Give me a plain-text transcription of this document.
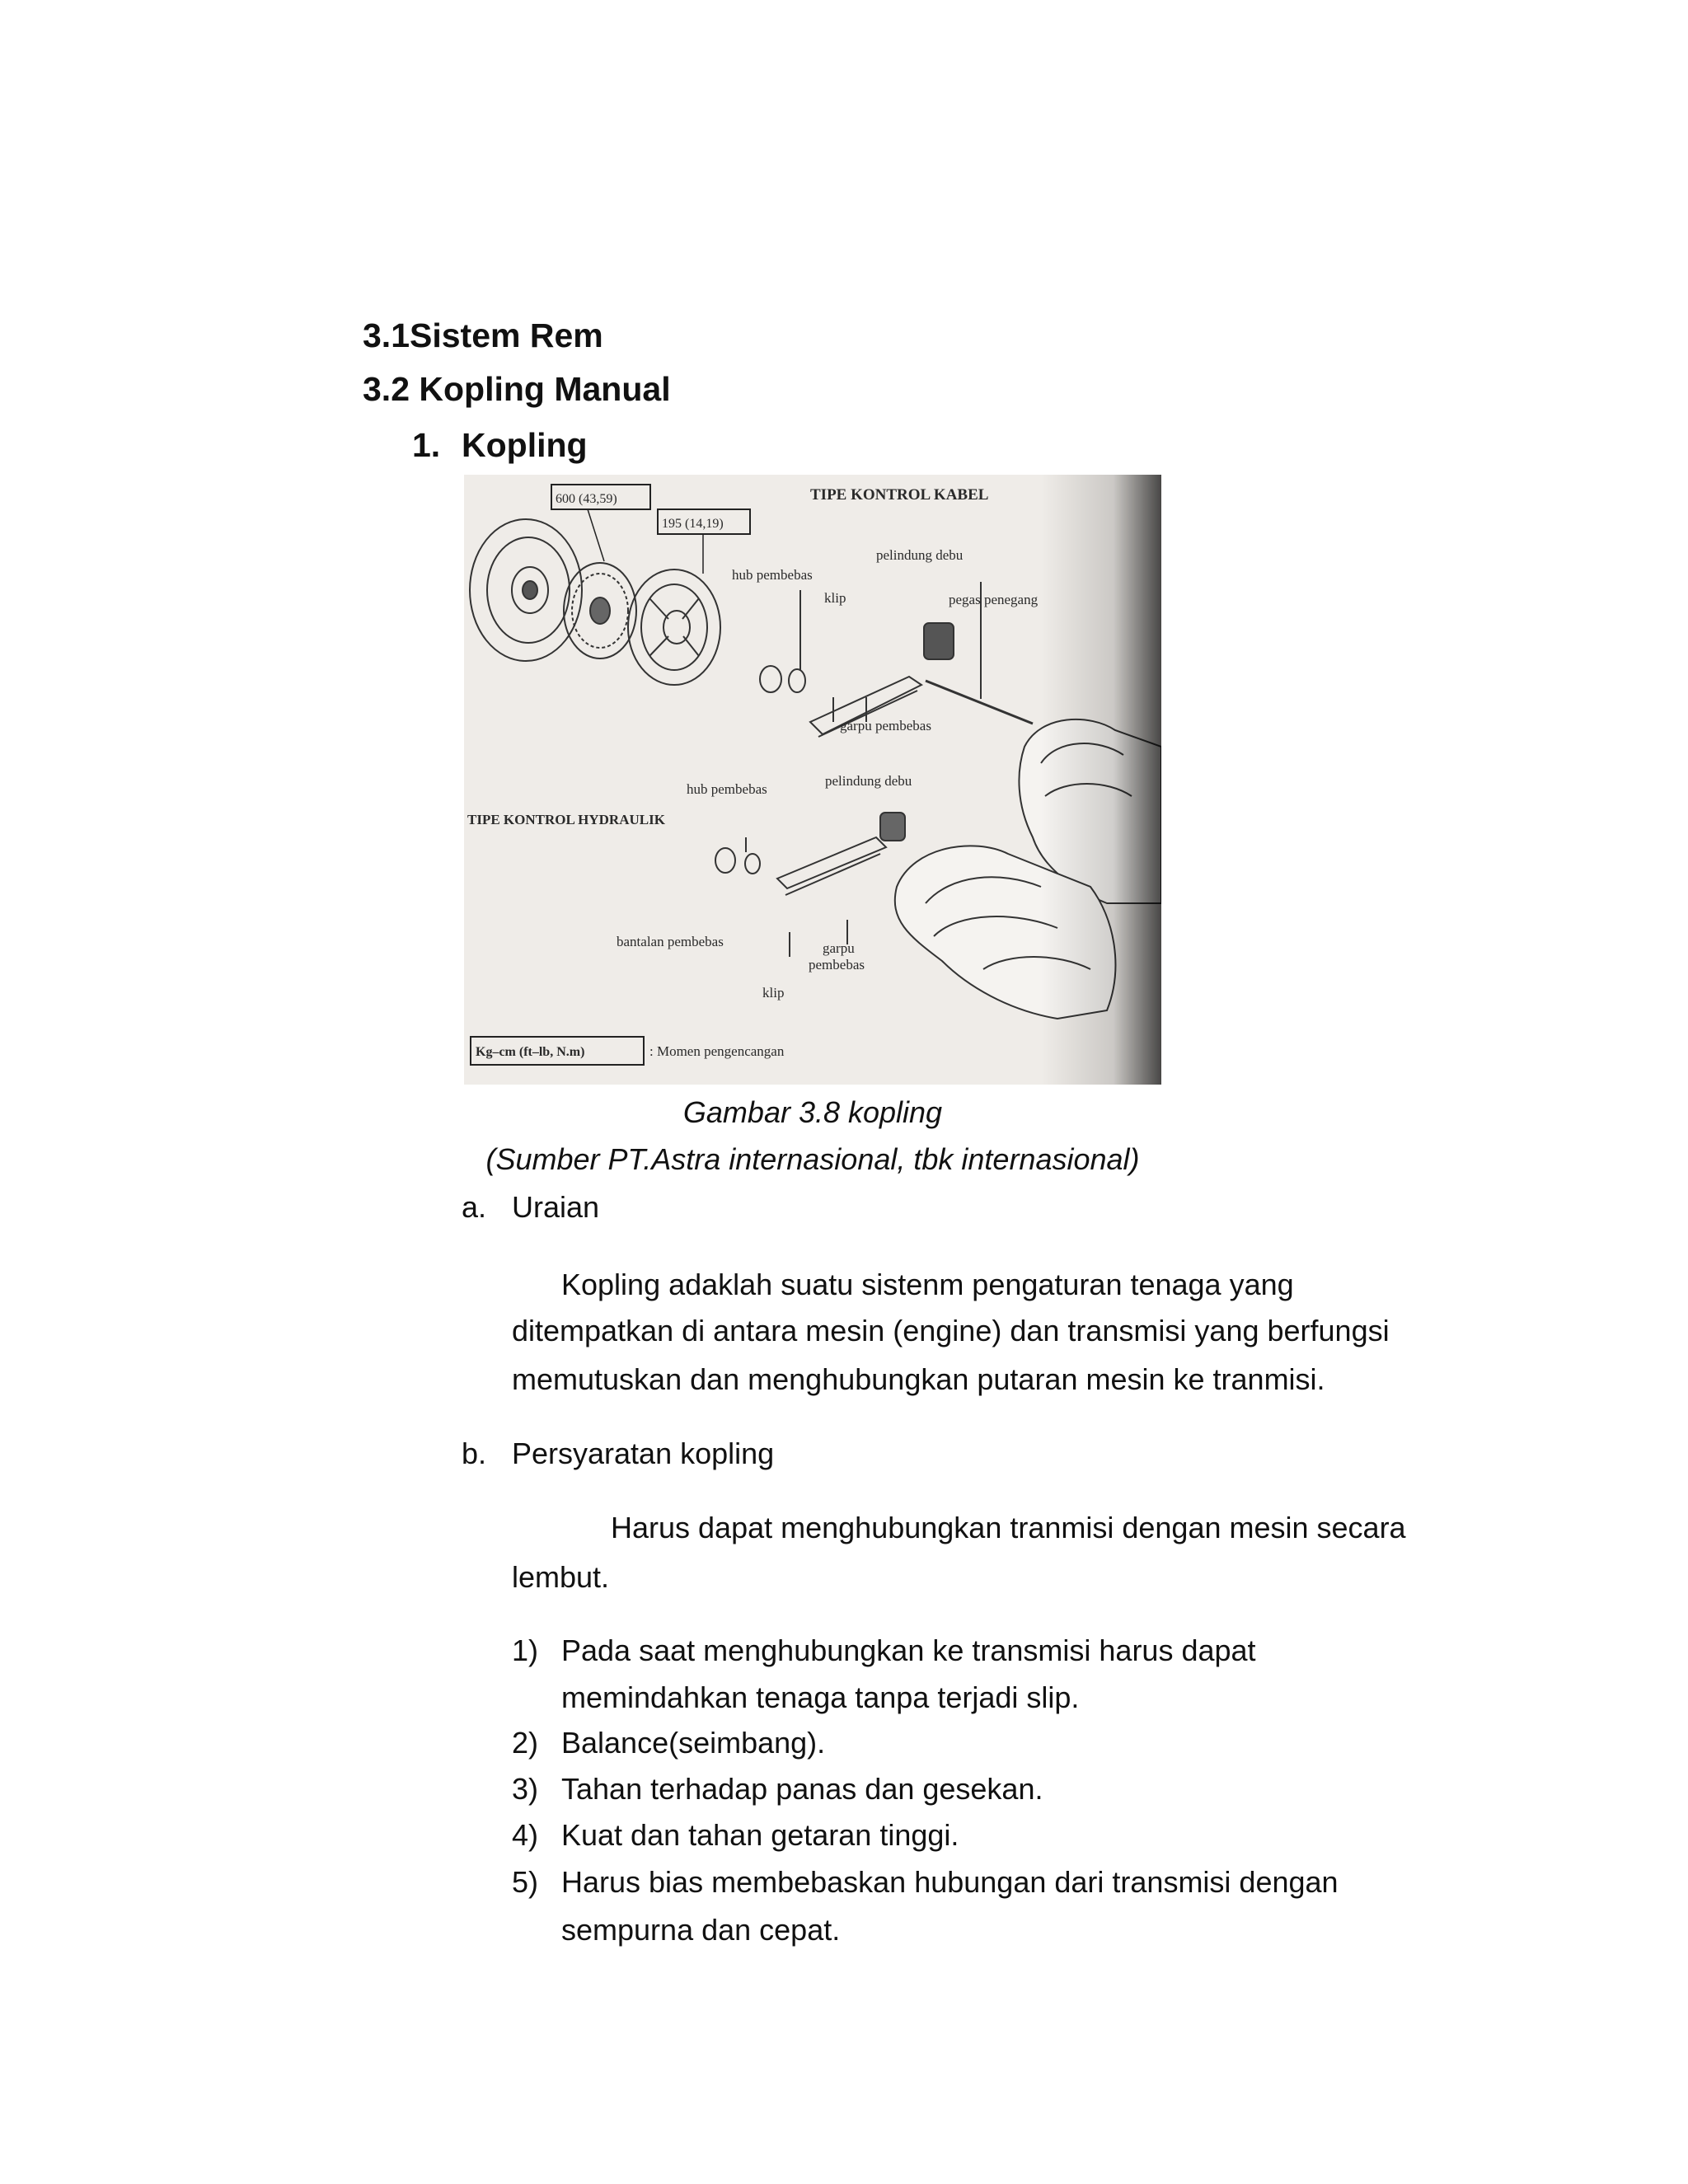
3.1Sistem Rem
3.2 Kopling Manual
1. Kopling
TIPE KONTROL KABEL
600 (43,59)
195 (14,19)
hub pembebas
pelindung debu
klip	pegas penegang
garpu pembebas
hub pembebas
pelindung debu
TIPE KONTROL HYDRAULIK
bantalan pembebas	garpu
pembebas
klip
Kg–cm (ft–lb, N.m)	: Momen pengencangan
Gambar 3.8 kopling
(Sumber PT.Astra internasional, tbk internasional)
a. Uraian
Kopling adaklah suatu sistenm pengaturan tenaga yang
ditempatkan di antara mesin (engine) dan transmisi yang berfungsi
memutuskan dan menghubungkan putaran mesin ke tranmisi.
b. Persyaratan kopling
Harus dapat menghubungkan tranmisi dengan mesin secara
lembut.
1) Pada saat menghubungkan ke transmisi harus dapat
memindahkan tenaga tanpa terjadi slip.
2) Balance(seimbang).
3) Tahan terhadap panas dan gesekan.
4) Kuat dan tahan getaran tinggi.
5) Harus bias membebaskan hubungan dari transmisi dengan
sempurna dan cepat.
